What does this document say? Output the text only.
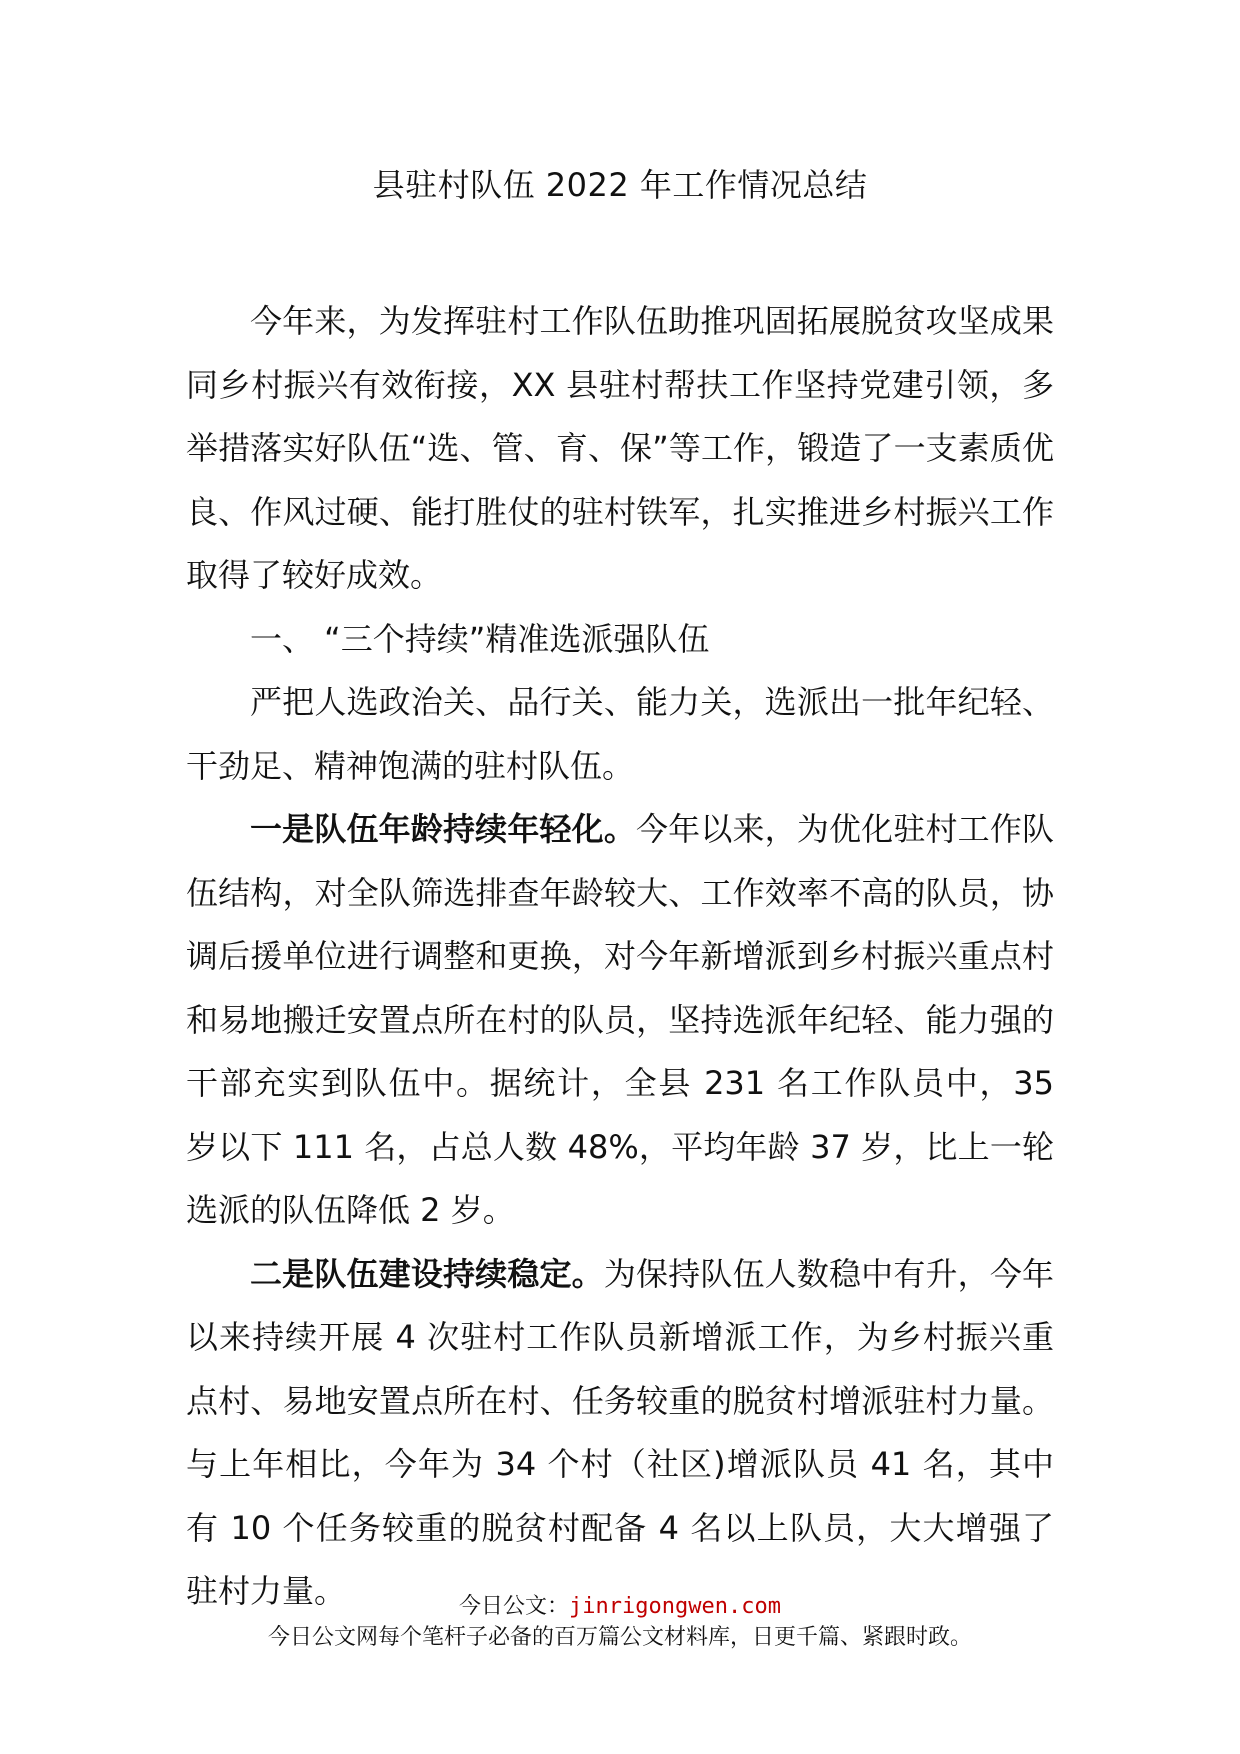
县驻村队伍 2022 年工作情况总结

今年来，为发挥驻村工作队伍助推巩固拓展脱贫攻坚成果同乡村振兴有效衔接，XX 县驻村帮扶工作坚持党建引领，多举措落实好队伍“选、管、育、保”等工作，锻造了一支素质优良、作风过硬、能打胜仗的驻村铁军，扎实推进乡村振兴工作取得了较好成效。

一、 “三个持续”精准选派强队伍

严把人选政治关、品行关、能力关，选派出一批年纪轻、干劲足、精神饱满的驻村队伍。

一是队伍年龄持续年轻化。今年以来，为优化驻村工作队伍结构，对全队筛选排查年龄较大、工作效率不高的队员，协调后援单位进行调整和更换，对今年新增派到乡村振兴重点村和易地搬迁安置点所在村的队员，坚持选派年纪轻、能力强的干部充实到队伍中。据统计，全县 231 名工作队员中，35 岁以下 111 名，占总人数 48%，平均年龄 37 岁，比上一轮选派的队伍降低 2 岁。

二是队伍建设持续稳定。为保持队伍人数稳中有升，今年以来持续开展 4 次驻村工作队员新增派工作，为乡村振兴重点村、易地安置点所在村、任务较重的脱贫村增派驻村力量。与上年相比，今年为 34 个村（社区)增派队员 41 名，其中有 10 个任务较重的脱贫村配备 4 名以上队员，大大增强了驻村力量。	今日公文：jinrigongwen.com
今日公文网每个笔杆子必备的百万篇公文材料库，日更千篇、紧跟时政。
